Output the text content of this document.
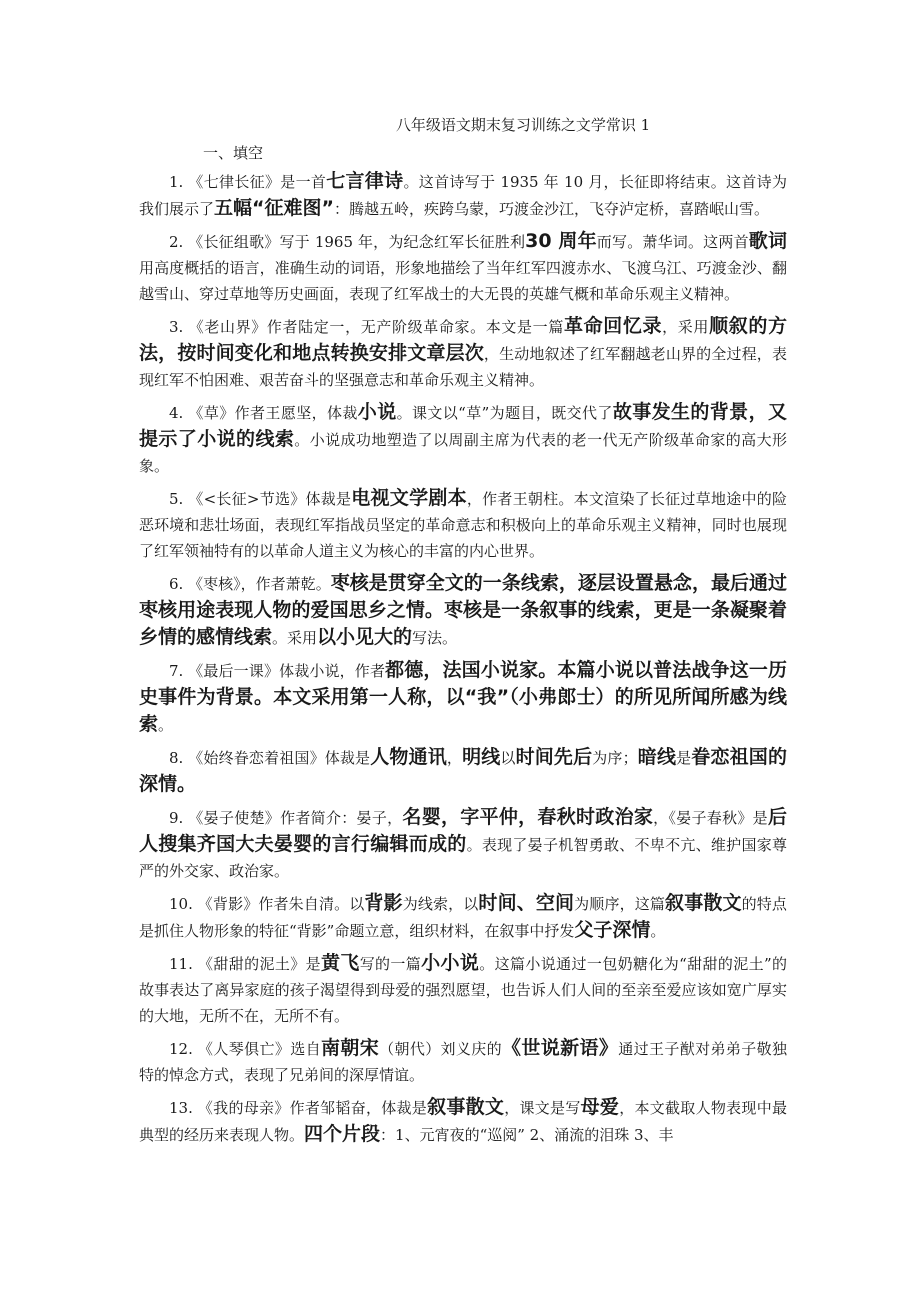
八年级语文期末复习训练之文学常识 1
一、填空

1. 《七律长征》是一首七言律诗。这首诗写于 1935 年 10 月，长征即将结束。这首诗为我们展示了五幅“征难图”：腾越五岭，疾跨乌蒙，巧渡金沙江，飞夺泸定桥，喜踏岷山雪。

2. 《长征组歌》写于 1965 年，为纪念红军长征胜利30 周年而写。萧华词。这两首歌词用高度概括的语言，准确生动的词语，形象地描绘了当年红军四渡赤水、飞渡乌江、巧渡金沙、翻越雪山、穿过草地等历史画面，表现了红军战士的大无畏的英雄气概和革命乐观主义精神。

3. 《老山界》作者陆定一，无产阶级革命家。本文是一篇革命回忆录，采用顺叙的方法，按时间变化和地点转换安排文章层次，生动地叙述了红军翻越老山界的全过程，表现红军不怕困难、艰苦奋斗的坚强意志和革命乐观主义精神。

4. 《草》作者王愿坚，体裁小说。课文以“草”为题目，既交代了故事发生的背景，又提示了小说的线索。小说成功地塑造了以周副主席为代表的老一代无产阶级革命家的高大形象。

5. 《<长征>节选》体裁是电视文学剧本，作者王朝柱。本文渲染了长征过草地途中的险恶环境和悲壮场面，表现红军指战员坚定的革命意志和积极向上的革命乐观主义精神，同时也展现了红军领袖特有的以革命人道主义为核心的丰富的内心世界。

6. 《枣核》，作者萧乾。枣核是贯穿全文的一条线索，逐层设置悬念，最后通过枣核用途表现人物的爱国思乡之情。枣核是一条叙事的线索，更是一条凝聚着乡情的感情线索。采用以小见大的写法。

7. 《最后一课》体裁小说，作者都德，法国小说家。本篇小说以普法战争这一历史事件为背景。本文采用第一人称，以“我”（小弗郎士）的所见所闻所感为线索。

8. 《始终眷恋着祖国》体裁是人物通讯，明线以时间先后为序；暗线是眷恋祖国的深情。

9. 《晏子使楚》作者简介：晏子，名婴，字平仲，春秋时政治家，《晏子春秋》是后人搜集齐国大夫晏婴的言行编辑而成的。表现了晏子机智勇敢、不卑不亢、维护国家尊严的外交家、政治家。

10. 《背影》作者朱自清。以背影为线索，以时间、空间为顺序，这篇叙事散文的特点是抓住人物形象的特征“背影”命题立意，组织材料，在叙事中抒发父子深情。

11. 《甜甜的泥土》是黄飞写的一篇小小说。这篇小说通过一包奶糖化为“甜甜的泥土”的故事表达了离异家庭的孩子渴望得到母爱的强烈愿望，也告诉人们人间的至亲至爱应该如宽广厚实的大地，无所不在，无所不有。

12. 《人琴俱亡》选自南朝宋（朝代）刘义庆的《世说新语》通过王子猷对弟弟子敬独特的悼念方式，表现了兄弟间的深厚情谊。

13. 《我的母亲》作者邹韬奋，体裁是叙事散文，课文是写母爱，本文截取人物表现中最典型的经历来表现人物。四个片段：1、元宵夜的“巡阅” 2、涌流的泪珠 3、丰
